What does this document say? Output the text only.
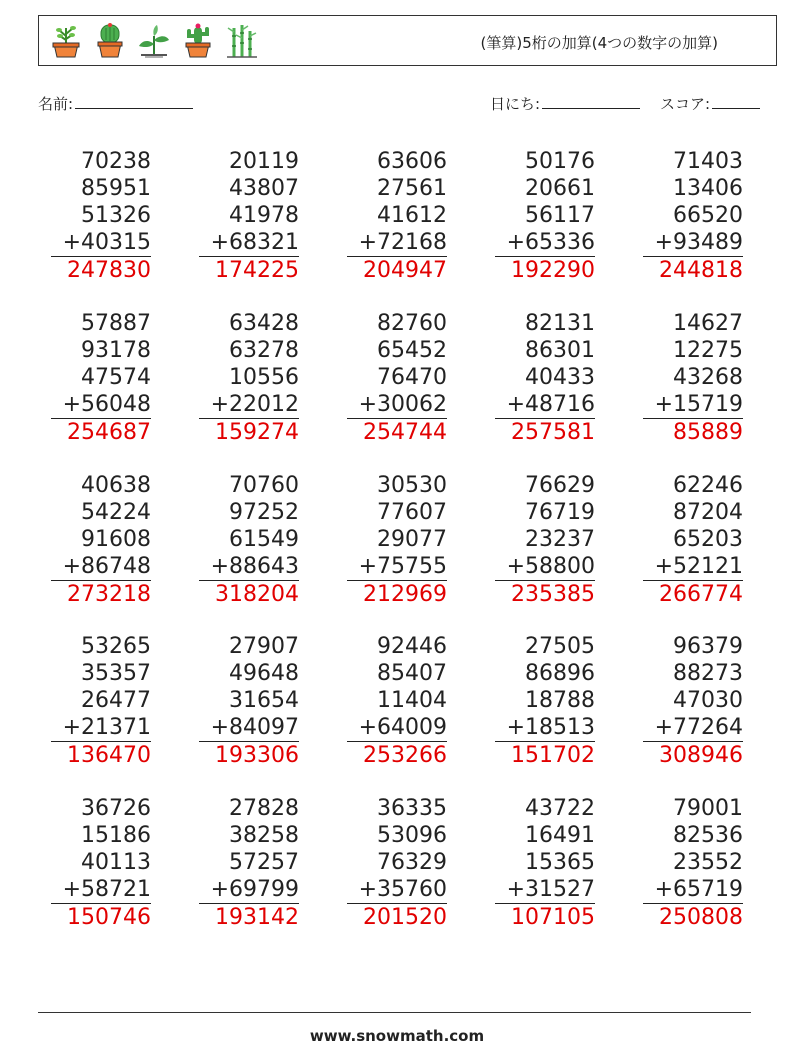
(筆算)5桁の加算(4つの数字の加算)
名前:	日にち:	スコア:
70238
85951
51326
+40315
247830
20119
43807
41978
+68321
174225
63606
27561
41612
+72168
204947
50176
20661
56117
+65336
192290
71403
13406
66520
+93489
244818
57887
93178
47574
+56048
254687
63428
63278
10556
+22012
159274
82760
65452
76470
+30062
254744
82131
86301
40433
+48716
257581
14627
12275
43268
+15719
85889
40638
54224
91608
+86748
273218
70760
97252
61549
+88643
318204
30530
77607
29077
+75755
212969
76629
76719
23237
+58800
235385
62246
87204
65203
+52121
266774
53265
35357
26477
+21371
136470
27907
49648
31654
+84097
193306
92446
85407
11404
+64009
253266
27505
86896
18788
+18513
151702
96379
88273
47030
+77264
308946
36726
15186
40113
+58721
150746
27828
38258
57257
+69799
193142
36335
53096
76329
+35760
201520
43722
16491
15365
+31527
107105
79001
82536
23552
+65719
250808
www.snowmath.com
